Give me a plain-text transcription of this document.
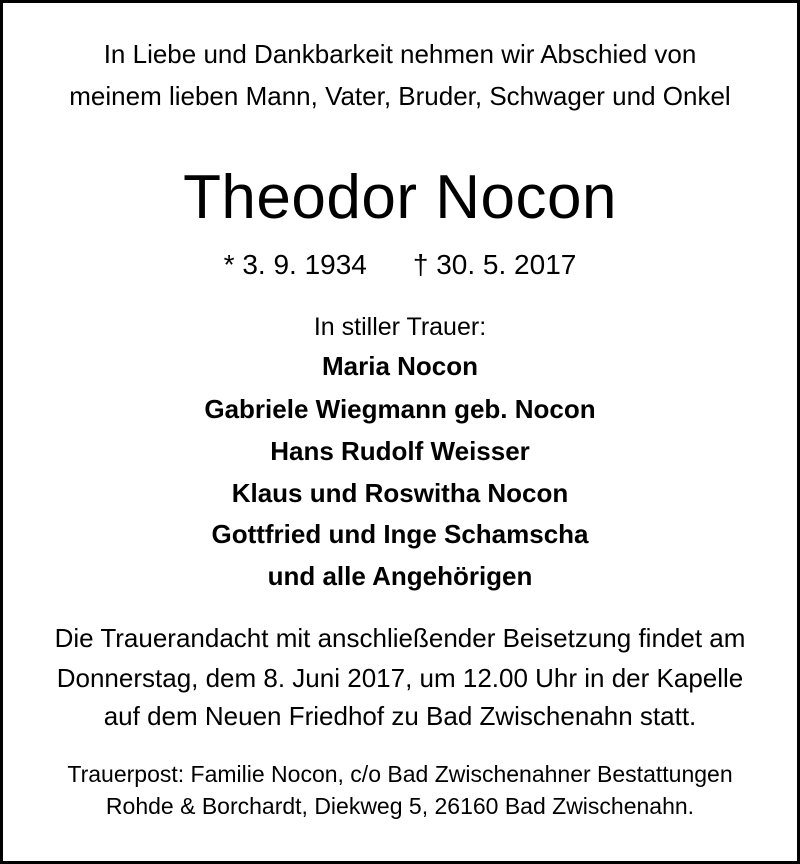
In Liebe und Dankbarkeit nehmen wir Abschied von
meinem lieben Mann, Vater, Bruder, Schwager und Onkel
Theodor Nocon
* 3. 9. 1934 † 30. 5. 2017
In stiller Trauer:
Maria Nocon
Gabriele Wiegmann geb. Nocon
Hans Rudolf Weisser
Klaus und Roswitha Nocon
Gottfried und Inge Schamscha
und alle Angehörigen
Die Trauerandacht mit anschließender Beisetzung findet am
Donnerstag, dem 8. Juni 2017, um 12.00 Uhr in der Kapelle
auf dem Neuen Friedhof zu Bad Zwischenahn statt.
Trauerpost: Familie Nocon, c/o Bad Zwischenahner Bestattungen
Rohde & Borchardt, Diekweg 5, 26160 Bad Zwischenahn.
